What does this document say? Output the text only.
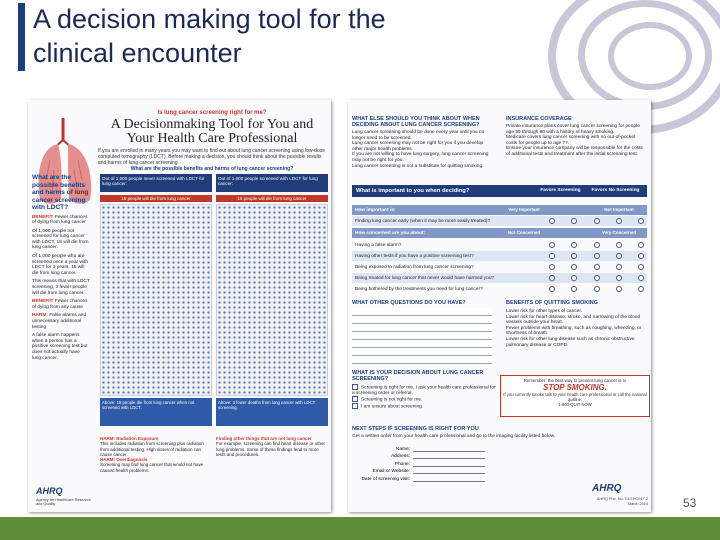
A decision making tool for the clinical encounter
Is lung cancer screening right for me?
A Decisionmaking Tool for You and Your Health Care Professional
If you are enrolled in many years you may want to find out about lung cancer screening using low-dose computed tomography (LDCT). Before making a decision, you should think about the possible results and harms of lung cancer screening.
What are the possible benefits and harms of lung cancer screening?
What are the possible benefits and harms of lung cancer screening with LDCT?
BENEFIT: Fewer chances of dying from lung cancer
Of 1,000 people not screened for lung cancer with LDCT, 18 will die from lung cancer.
Of 1,000 people who are screened once a year with LDCT for 3 years, 15 will die from lung cancer.
This means that with LDCT screening, 3 fewer people will die from lung cancer.
BENEFIT: Fewer chances of dying from any cause
HARM: False alarms and unnecessary additional testing
A false alarm happens when a person has a positive screening test but does not actually have lung cancer.
Out of 1,000 people never screened with LDCT for lung cancer:
18 people will die from lung cancer
Above: 18 people die from lung cancer when not screened with LDCT.
Out of 1,000 people screened with LDCT for lung cancer:
15 people will die from lung cancer
Above: 3 fewer deaths from lung cancer with LDCT screening.
HARM: Radiation Exposure
This includes radiation from screening plus radiation from additional testing. High doses of radiation can cause cancer.
HARM: Overdiagnosis
Screening may find lung cancer that would not have caused health problems.
Finding other things that are not lung cancer
For example, screening can find heart disease or other lung problems. Some of these findings lead to more tests and procedures.
AHRQ
Agency for Healthcare Research and Quality
WHAT ELSE SHOULD YOU THINK ABOUT WHEN DECIDING ABOUT LUNG CANCER SCREENING?
Lung cancer screening should be done every year until you no longer need to be screened.
Lung cancer screening may not be right for you if you develop other major health problems.
If you are not willing to have lung surgery, lung cancer screening may not be right for you.
Lung cancer screening is not a substitute for quitting smoking.
INSURANCE COVERAGE
Private insurance plans cover lung cancer screening for people age 55 through 80 with a history of heavy smoking.
Medicare covers lung cancer screening with no out-of-pocket costs for people up to age 77.
Ensure your insurance company will be responsible for the costs of additional tests and treatment after the initial screening test.
What is important to you when deciding?	Favors Screening	Favors No Screening
How important is:	Very Important	Not Important
Finding lung cancer early (when it may be more easily treated)?
How concerned are you about:	Not Concerned	Very Concerned
Having a false alarm?
Having other tests if you have a positive screening test?
Being exposed to radiation from lung cancer screening?
Being treated for lung cancer that never would have harmed you?
Being bothered by the treatments you need for lung cancer?
WHAT OTHER QUESTIONS DO YOU HAVE?	BENEFITS OF QUITTING SMOKING
Lower risk for other types of cancer.
Lower risk for heart disease, stroke, and narrowing of the blood vessels outside your heart.
Fewer problems with breathing, such as coughing, wheezing, or shortness of breath.
Lower risk for other lung disease such as chronic obstructive pulmonary disease or COPD.
Remember: the best way to prevent lung cancer is to
STOP SMOKING.
If you currently smoke talk to your health care professional or call the national quitline:
1-800-QUIT-NOW
WHAT IS YOUR DECISION ABOUT LUNG CANCER SCREENING?
Screening is right for me. I ask your health care professional for a screening order or referral.
Screening is not right for me.
I am unsure about screening.
NEXT STEPS IF SCREENING IS RIGHT FOR YOU
Get a written order from your health care professional and go to the imaging facility listed below.
Name:
Address:
Phone:
Email or Website:
Date of screening visit:
AHRQ
AHRQ Pub. No. 13-EHC047-2
March 2014	53
